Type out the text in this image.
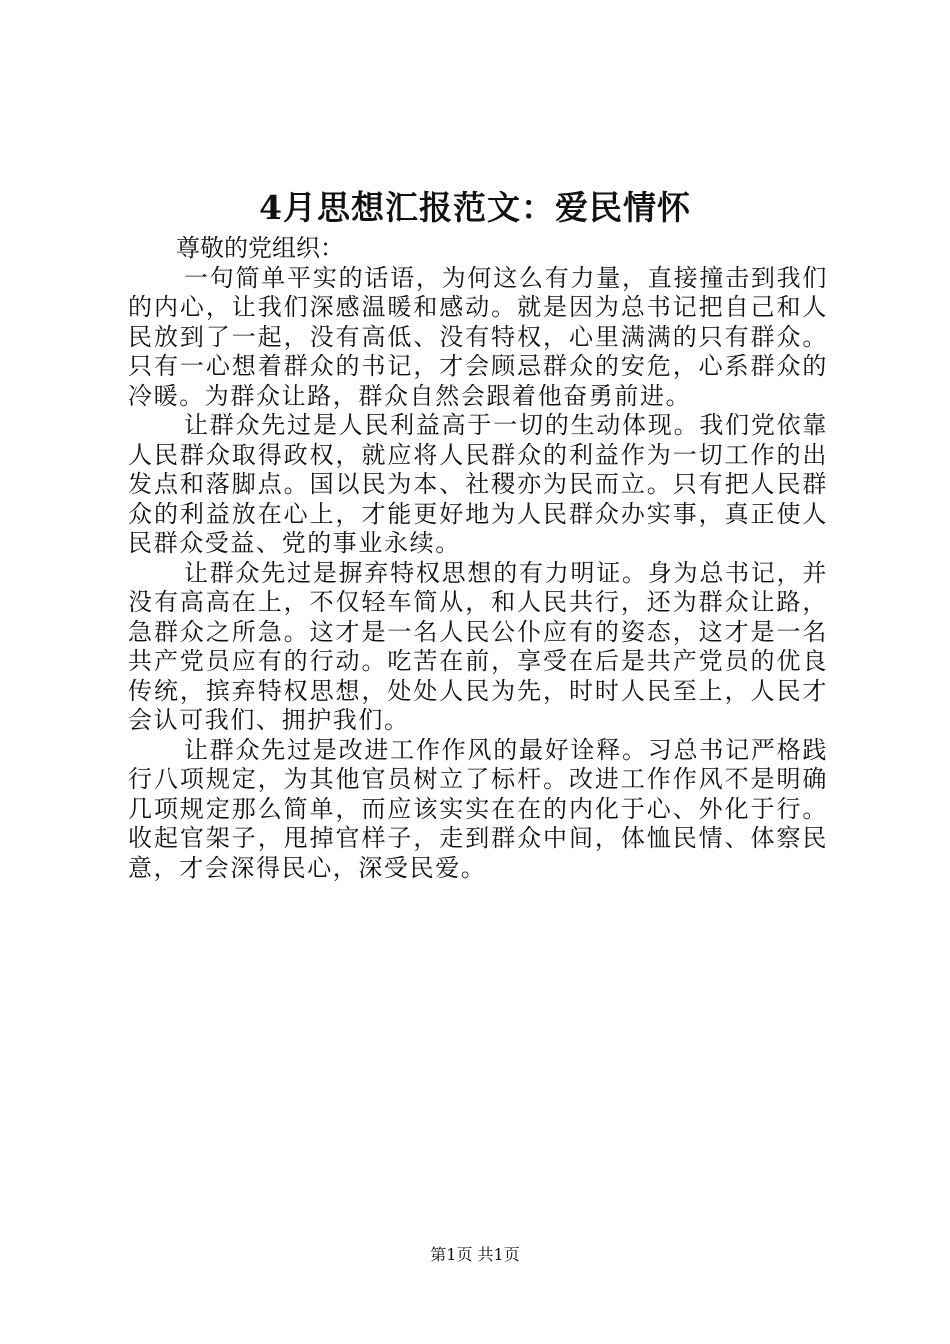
4月思想汇报范文：爱民情怀

尊敬的党组织：

一句简单平实的话语，为何这么有力量，直接撞击到我们的内心，让我们深感温暖和感动。就是因为总书记把自己和人民放到了一起，没有高低、没有特权，心里满满的只有群众。只有一心想着群众的书记，才会顾忌群众的安危，心系群众的冷暖。为群众让路，群众自然会跟着他奋勇前进。

让群众先过是人民利益高于一切的生动体现。我们党依靠人民群众取得政权，就应将人民群众的利益作为一切工作的出发点和落脚点。国以民为本、社稷亦为民而立。只有把人民群众的利益放在心上，才能更好地为人民群众办实事，真正使人民群众受益、党的事业永续。

让群众先过是摒弃特权思想的有力明证。身为总书记，并没有高高在上，不仅轻车简从，和人民共行，还为群众让路，急群众之所急。这才是一名人民公仆应有的姿态，这才是一名共产党员应有的行动。吃苦在前，享受在后是共产党员的优良传统，摈弃特权思想，处处人民为先，时时人民至上，人民才会认可我们、拥护我们。

让群众先过是改进工作作风的最好诠释。习总书记严格践行八项规定，为其他官员树立了标杆。改进工作作风不是明确几项规定那么简单，而应该实实在在的内化于心、外化于行。收起官架子，甩掉官样子，走到群众中间，体恤民情、体察民意，才会深得民心，深受民爱。

第1页 共1页
